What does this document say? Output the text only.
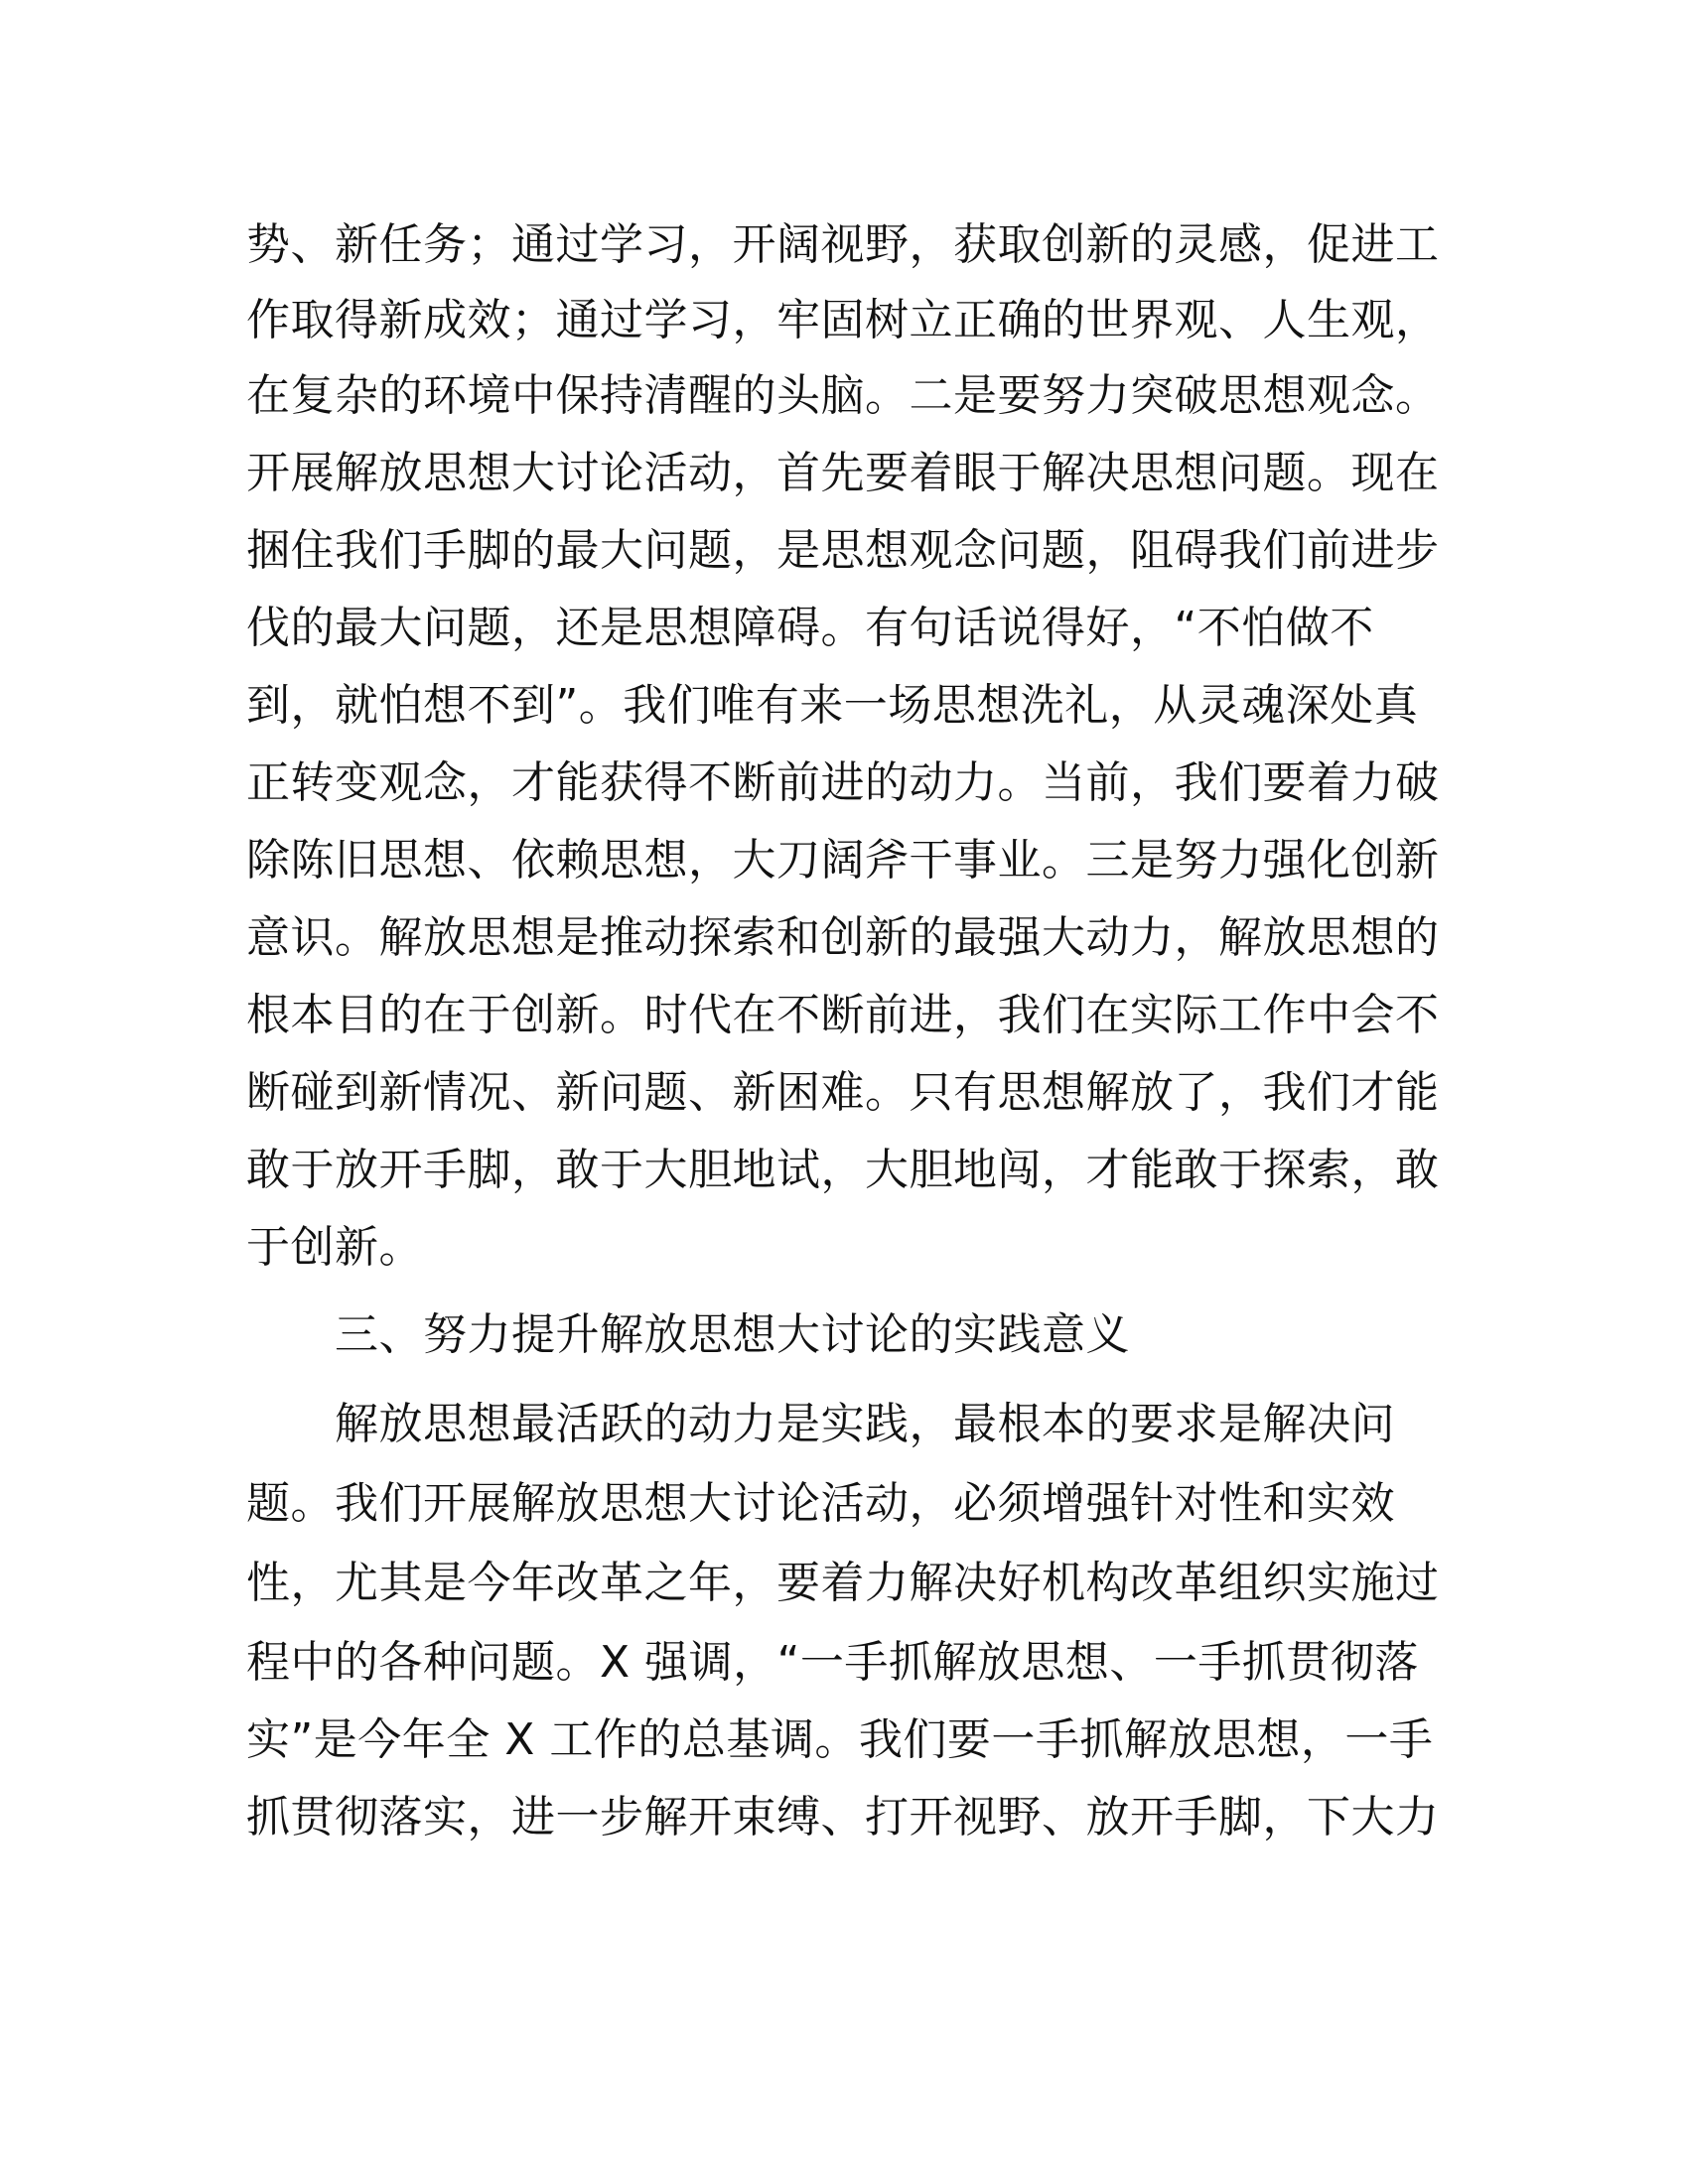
势、新任务；通过学习，开阔视野，获取创新的灵感，促进工
作取得新成效；通过学习，牢固树立正确的世界观、人生观，
在复杂的环境中保持清醒的头脑。二是要努力突破思想观念。
开展解放思想大讨论活动，首先要着眼于解决思想问题。现在
捆住我们手脚的最大问题，是思想观念问题，阻碍我们前进步
伐的最大问题，还是思想障碍。有句话说得好，“不怕做不
到，就怕想不到”。我们唯有来一场思想洗礼，从灵魂深处真
正转变观念，才能获得不断前进的动力。当前，我们要着力破
除陈旧思想、依赖思想，大刀阔斧干事业。三是努力强化创新
意识。解放思想是推动探索和创新的最强大动力，解放思想的
根本目的在于创新。时代在不断前进，我们在实际工作中会不
断碰到新情况、新问题、新困难。只有思想解放了，我们才能
敢于放开手脚，敢于大胆地试，大胆地闯，才能敢于探索，敢
于创新。
三、努力提升解放思想大讨论的实践意义
解放思想最活跃的动力是实践，最根本的要求是解决问
题。我们开展解放思想大讨论活动，必须增强针对性和实效
性，尤其是今年改革之年，要着力解决好机构改革组织实施过
程中的各种问题。X 强调，“一手抓解放思想、一手抓贯彻落
实”是今年全 X 工作的总基调。我们要一手抓解放思想，一手
抓贯彻落实，进一步解开束缚、打开视野、放开手脚，下大力
